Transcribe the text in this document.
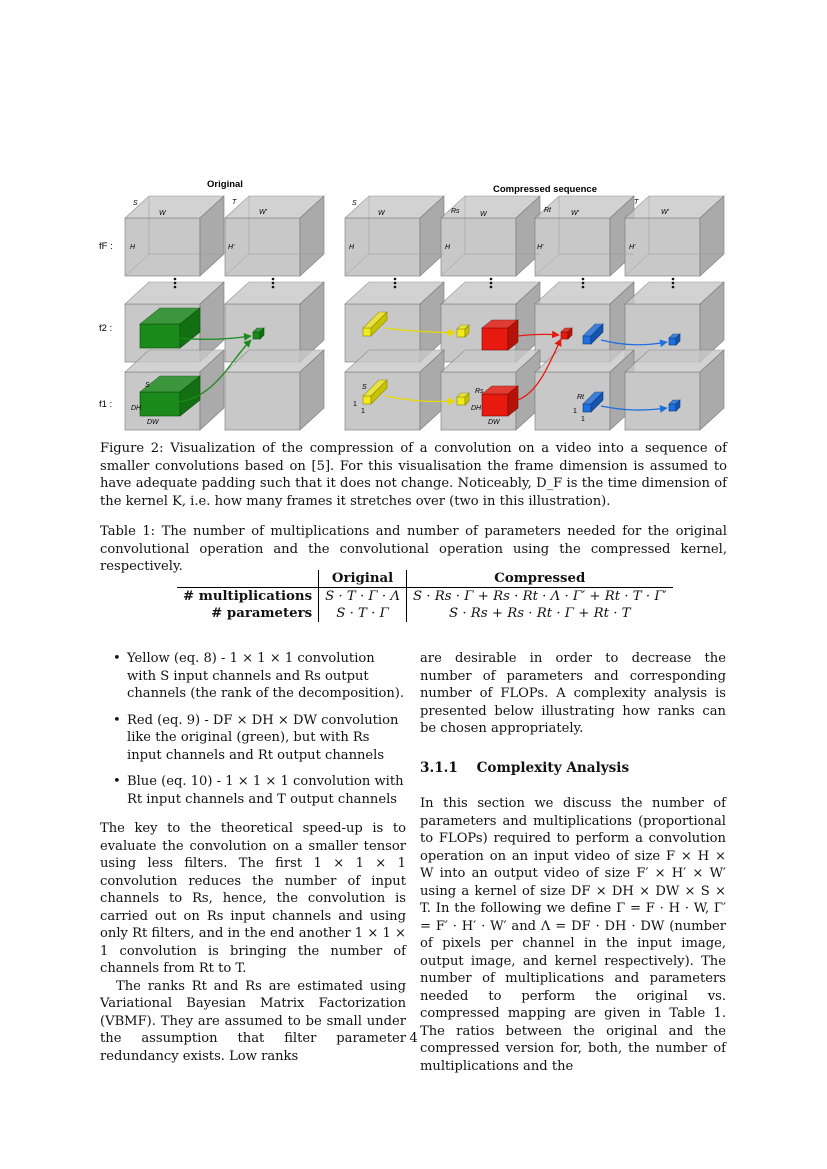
Original	Compressed sequence
fF :
f2 :
f1 :
S
W
H
T
W'
H'
S
W
H
Rs	W
H
Rt	W'
H'
T
W'
H'
S
DH
DW
S
1
1
Rs
DH
DW
Rt
1
1
Figure 2: Visualization of the compression of a convolution on a video into a sequence of smaller convolutions based on [5]. For this visualisation the frame dimension is assumed to have adequate padding such that it does not change. Noticeably, D_F is the time dimension of the kernel K, i.e. how many frames it stretches over (two in this illustration).
Table 1: The number of multiplications and number of parameters needed for the original convolutional operation and the convolutional operation using the compressed kernel, respectively.
	Original	Compressed
# multiplications	S · T · Γ · Λ	S · Rs · Γ + Rs · Rt · Λ · Γ′ + Rt · T · Γ′
# parameters	S · T · Γ	S · Rs + Rs · Rt · Γ + Rt · T
• Yellow (eq. 8) - 1 × 1 × 1 convolution with S input channels and Rs output channels (the rank of the decomposition).
• Red (eq. 9) - DF × DH × DW convolution like the original (green), but with Rs input channels and Rt output channels
• Blue (eq. 10) - 1 × 1 × 1 convolution with Rt input channels and T output channels

The key to the theoretical speed-up is to evaluate the convolution on a smaller tensor using less filters. The first 1 × 1 × 1 convolution reduces the number of input channels to Rs, hence, the convolution is carried out on Rs input channels and using only Rt filters, and in the end another 1 × 1 × 1 convolution is bringing the number of channels from Rt to T.

The ranks Rt and Rs are estimated using Variational Bayesian Matrix Factorization (VBMF). They are assumed to be small under the assumption that filter parameter redundancy exists. Low ranks

are desirable in order to decrease the number of parameters and corresponding number of FLOPs. A complexity analysis is presented below illustrating how ranks can be chosen appropriately.

3.1.1 Complexity Analysis

In this section we discuss the number of parameters and multiplications (proportional to FLOPs) required to perform a convolution operation on an input video of size F × H × W into an output video of size F′ × H′ × W′ using a kernel of size DF × DH × DW × S × T. In the following we define Γ = F · H · W, Γ′ = F′ · H′ · W′ and Λ = DF · DH · DW (number of pixels per channel in the input image, output image, and kernel respectively). The number of multiplications and parameters needed to perform the original vs. compressed mapping are given in Table 1. The ratios between the original and the compressed version for, both, the number of multiplications and the

4
